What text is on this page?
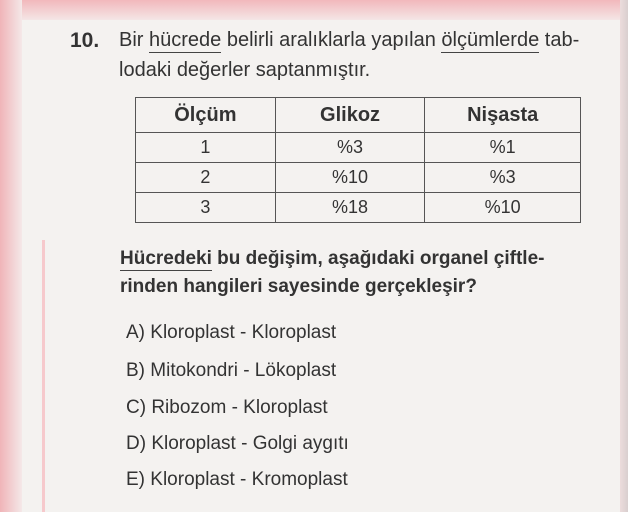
10. Bir hücrede belirli aralıklarla yapılan ölçümlerde tab-
lodaki değerler saptanmıştır.
Ölçüm	Glikoz	Nişasta
1	%3	%1
2	%10	%3
3	%18	%10
Hücredeki bu değişim, aşağıdaki organel çiftle-
rinden hangileri sayesinde gerçekleşir?
A) Kloroplast - Kloroplast
B) Mitokondri - Lökoplast
C) Ribozom - Kloroplast
D) Kloroplast - Golgi aygıtı
E) Kloroplast - Kromoplast
